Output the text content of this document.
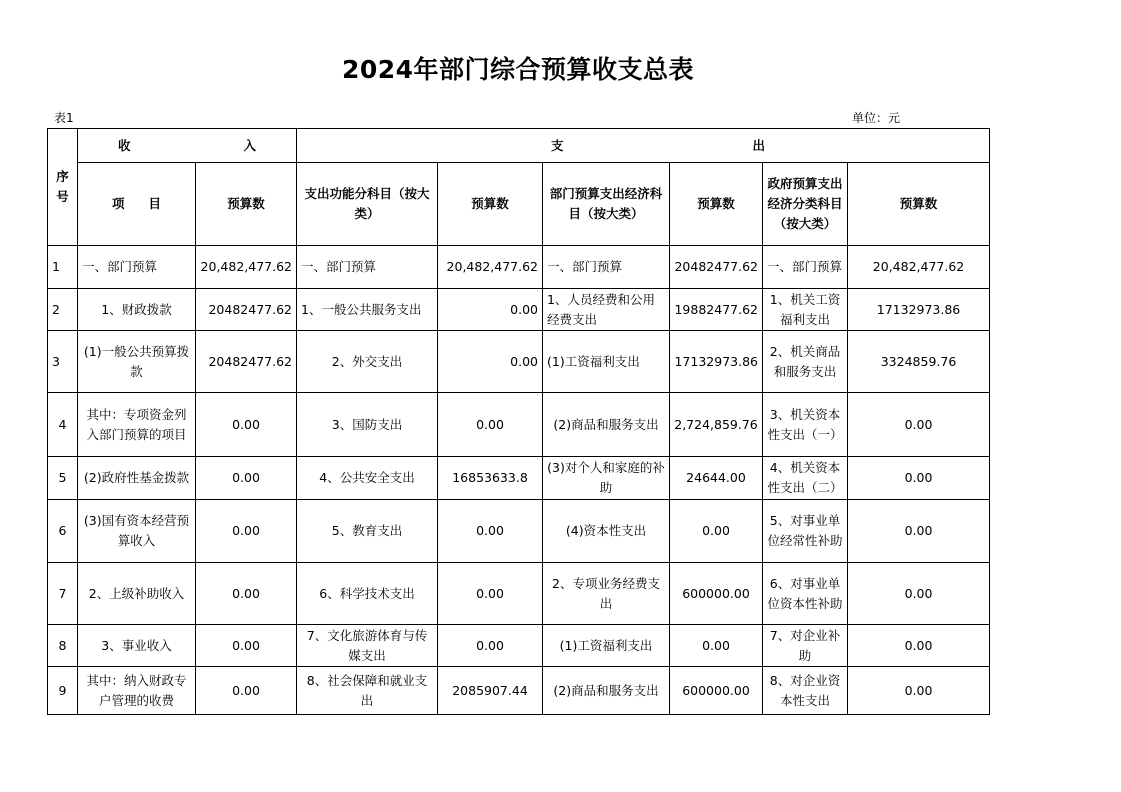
2024年部门综合预算收支总表
表1	单位：元
序号	收 入		支 出					

	项 目	预算数	支出功能分科目（按大类）	预算数	部门预算支出经济科目（按大类）	预算数	政府预算支出经济分类科目（按大类）	预算数
1	一、部门预算	20,482,477.62	一、部门预算	20,482,477.62	一、部门预算	20482477.62	一、部门预算	20,482,477.62
2	1、财政拨款	20482477.62	1、一般公共服务支出	0.00	1、人员经费和公用经费支出	19882477.62	1、机关工资福利支出	17132973.86
3	(1)一般公共预算拨款	20482477.62	2、外交支出	0.00	(1)工资福利支出	17132973.86	2、机关商品和服务支出	3324859.76
4	其中：专项资金列入部门预算的项目	0.00	3、国防支出	0.00	(2)商品和服务支出	2,724,859.76	3、机关资本性支出（一）	0.00
5	(2)政府性基金拨款	0.00	4、公共安全支出	16853633.8	(3)对个人和家庭的补助	24644.00	4、机关资本性支出（二）	0.00
6	(3)国有资本经营预算收入	0.00	5、教育支出	0.00	(4)资本性支出	0.00	5、对事业单位经常性补助	0.00
7	2、上级补助收入	0.00	6、科学技术支出	0.00	2、专项业务经费支出	600000.00	6、对事业单位资本性补助	0.00
8	3、事业收入	0.00	7、文化旅游体育与传媒支出	0.00	(1)工资福利支出	0.00	7、对企业补助	0.00
9	其中：纳入财政专户管理的收费	0.00	8、社会保障和就业支出	2085907.44	(2)商品和服务支出	600000.00	8、对企业资本性支出	0.00
